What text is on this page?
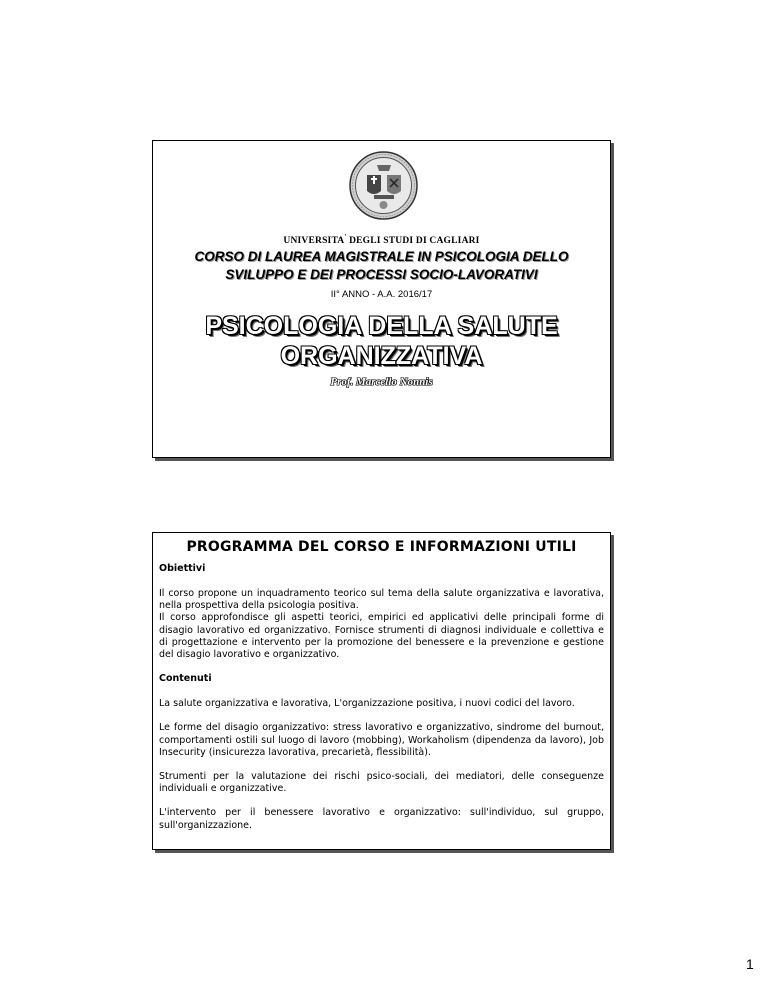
UNIVERSITA' DEGLI STUDI DI CAGLIARI
CORSO DI LAUREA MAGISTRALE IN PSICOLOGIA DELLO
SVILUPPO E DEI PROCESSI SOCIO-LAVORATIVI
II° ANNO - A.A. 2016/17
PSICOLOGIA DELLA SALUTE
ORGANIZZATIVA
Prof. Marcello Nonnis
PROGRAMMA DEL CORSO E INFORMAZIONI UTILI
Obiettivi
Il corso propone un inquadramento teorico sul tema della salute organizzativa e lavorativa, nella prospettiva della psicologia positiva.
Il corso approfondisce gli aspetti teorici, empirici ed applicativi delle principali forme di disagio lavorativo ed organizzativo. Fornisce strumenti di diagnosi individuale e collettiva e di progettazione e intervento per la promozione del benessere e la prevenzione e gestione del disagio lavorativo e organizzativo.
Contenuti
La salute organizzativa e lavorativa, L'organizzazione positiva, i nuovi codici del lavoro.
Le forme del disagio organizzativo: stress lavorativo e organizzativo, sindrome del burnout, comportamenti ostili sul luogo di lavoro (mobbing), Workaholism (dipendenza da lavoro), Job Insecurity (insicurezza lavorativa, precarietà, flessibilità).
Strumenti per la valutazione dei rischi psico-sociali, dei mediatori, delle conseguenze individuali e organizzative.
L'intervento per il benessere lavorativo e organizzativo: sull'individuo, sul gruppo, sull'organizzazione.
1
